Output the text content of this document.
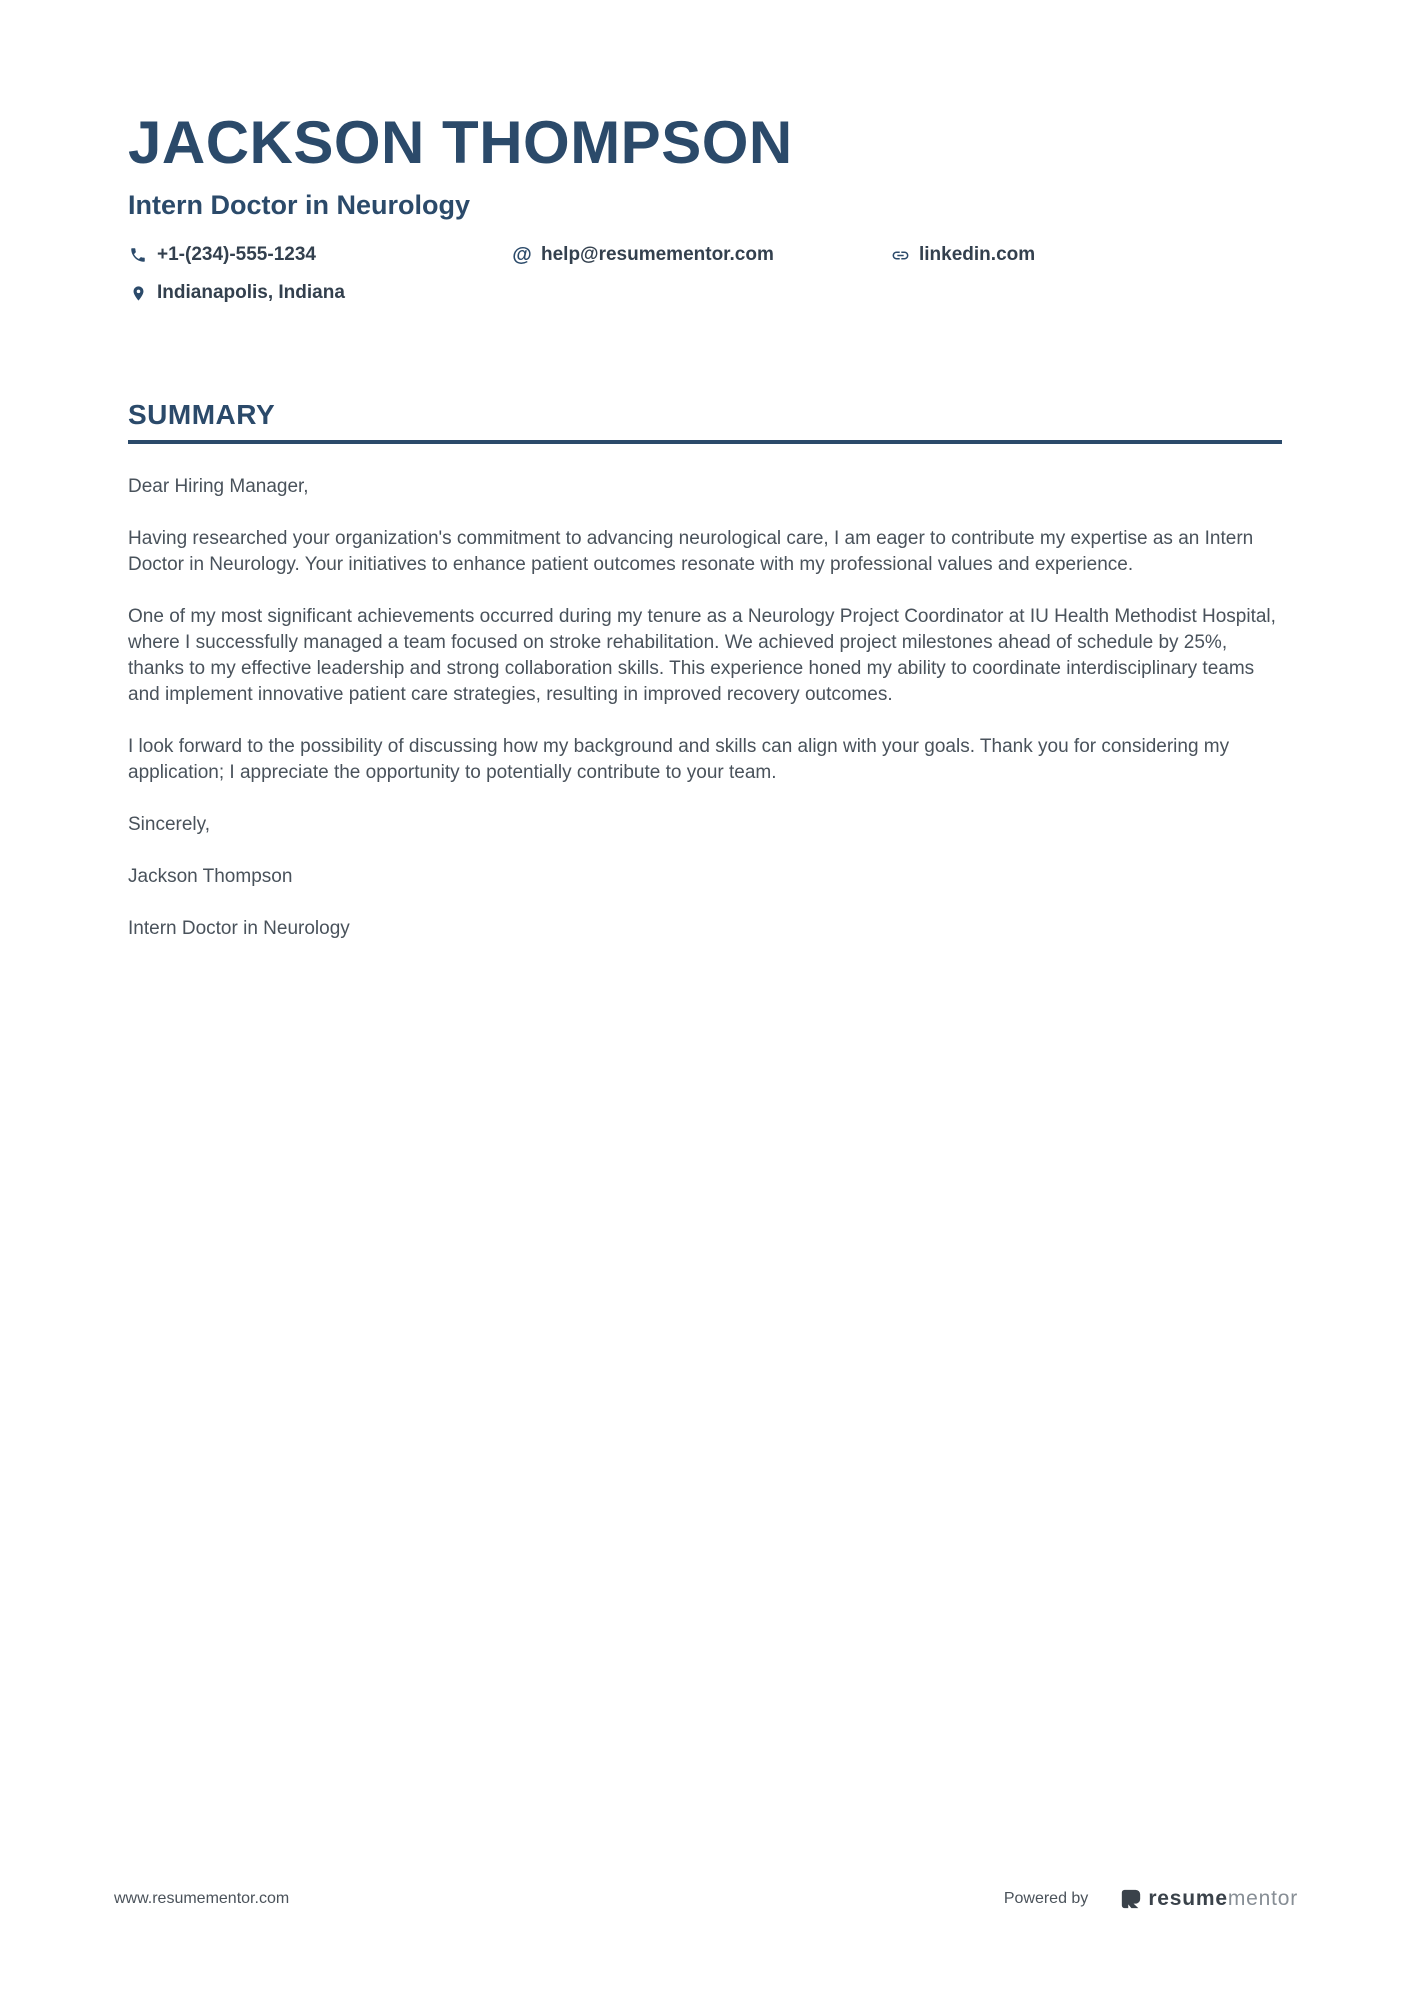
JACKSON THOMPSON
Intern Doctor in Neurology
+1-(234)-555-1234	@ help@resumementor.com	linkedin.com
Indianapolis, Indiana
SUMMARY

Dear Hiring Manager,

Having researched your organization's commitment to advancing neurological care, I am eager to contribute my expertise as an Intern Doctor in Neurology. Your initiatives to enhance patient outcomes resonate with my professional values and experience.

One of my most significant achievements occurred during my tenure as a Neurology Project Coordinator at IU Health Methodist Hospital, where I successfully managed a team focused on stroke rehabilitation. We achieved project milestones ahead of schedule by 25%, thanks to my effective leadership and strong collaboration skills. This experience honed my ability to coordinate interdisciplinary teams and implement innovative patient care strategies, resulting in improved recovery outcomes.

I look forward to the possibility of discussing how my background and skills can align with your goals. Thank you for considering my application; I appreciate the opportunity to potentially contribute to your team.

Sincerely,

Jackson Thompson

Intern Doctor in Neurology

www.resumementor.com	Powered by	resumementor
